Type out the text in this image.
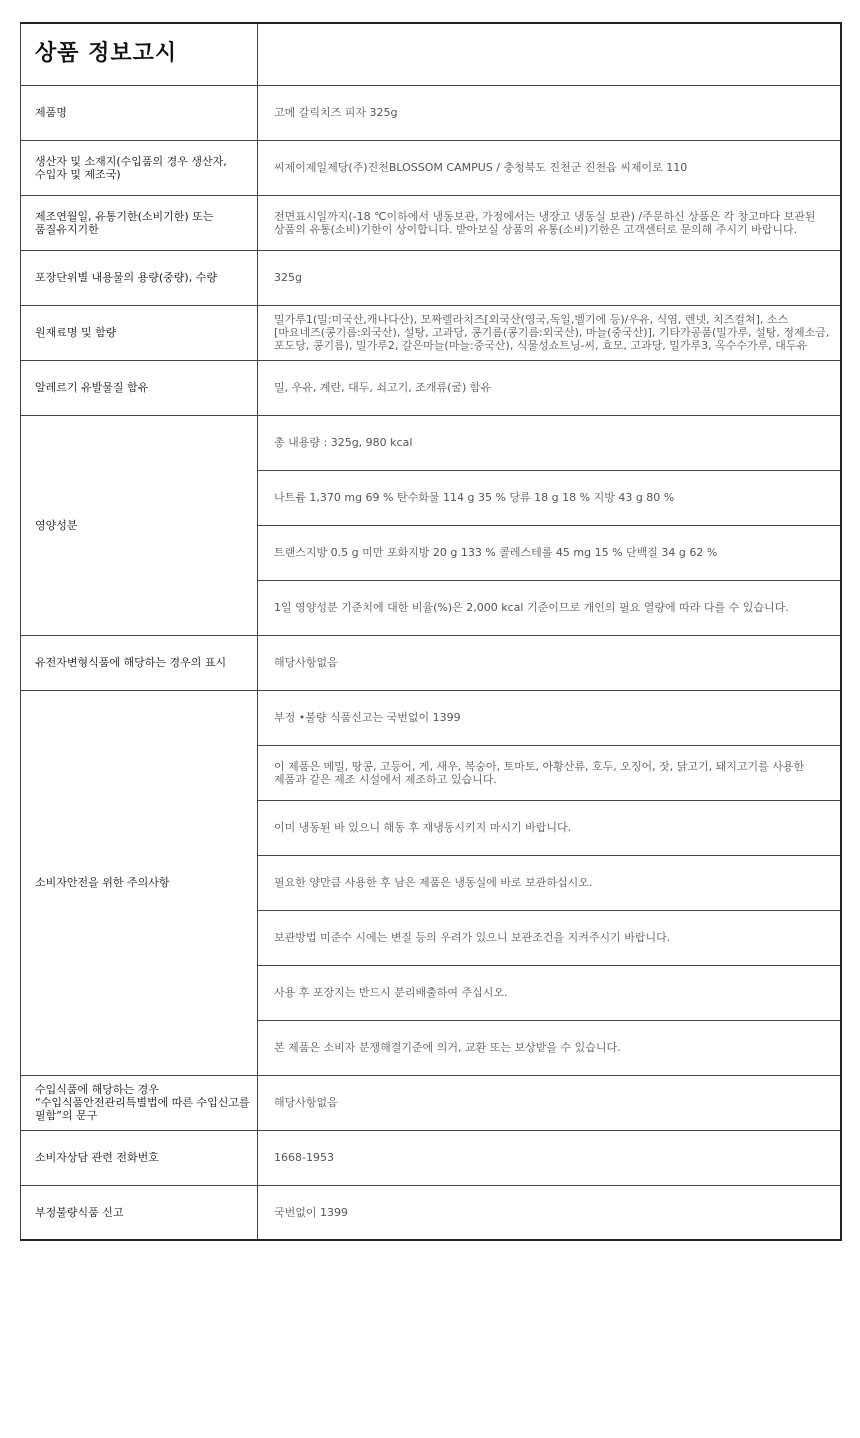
상품 정보고시	
제품명	고메 갈릭치즈 피자 325g
생산자 및 소재지(수입품의 경우 생산자, 수입자 및 제조국)	씨제이제일제당(주)진천BLOSSOM CAMPUS / 충청북도 진천군 진천읍 씨제이로 110
제조연월일, 유통기한(소비기한) 또는 품질유지기한	전면표시일까지(-18 ℃이하에서 냉동보관, 가정에서는 냉장고 냉동실 보관) /주문하신 상품은 각 창고마다 보관된 상품의 유통(소비)기한이 상이합니다. 받아보실 상품의 유통(소비)기한은 고객센터로 문의해 주시기 바랍니다.
포장단위별 내용물의 용량(중량), 수량	325g
원재료명 및 함량	밀가루1(밀:미국산,캐나다산), 모짜렐라치즈[외국산(영국,독일,벨기에 등)/우유, 식염, 렌넷, 치즈컬쳐], 소스[마요네즈(콩기름:외국산), 설탕, 고과당, 콩기름(콩기름:외국산), 마늘(중국산)], 기타가공품(밀가루, 설탕, 정제소금, 포도당, 콩기름), 밀가루2, 갈은마늘(마늘:중국산), 식물성쇼트닝-씨, 효모, 고과당, 밀가루3, 옥수수가루, 대두유
알레르기 유발물질 함유	밀, 우유, 계란, 대두, 쇠고기, 조개류(굴) 함유
영양성분	총 내용량 : 325g, 980 kcal
	나트륨 1,370 mg 69 % 탄수화물 114 g 35 % 당류 18 g 18 % 지방 43 g 80 %
	트랜스지방 0.5 g 미만 포화지방 20 g 133 % 콜레스테롤 45 mg 15 % 단백질 34 g 62 %
	1일 영양성분 기준치에 대한 비율(%)은 2,000 kcal 기준이므로 개인의 필요 열량에 따라 다를 수 있습니다.
유전자변형식품에 해당하는 경우의 표시	해당사항없음
소비자안전을 위한 주의사항	부정 •불량 식품신고는 국번없이 1399
	이 제품은 메밀, 땅콩, 고등어, 게, 새우, 복숭아, 토마토, 아황산류, 호두, 오징어, 잣, 닭고기, 돼지고기를 사용한 제품과 같은 제조 시설에서 제조하고 있습니다.
	이미 냉동된 바 있으니 해동 후 재냉동시키지 마시기 바랍니다.
	필요한 양만큼 사용한 후 남은 제품은 냉동실에 바로 보관하십시오.
	보관방법 미준수 시에는 변질 등의 우려가 있으니 보관조건을 지켜주시기 바랍니다.
	사용 후 포장지는 반드시 분리배출하여 주십시오.
	본 제품은 소비자 분쟁해결기준에 의거, 교환 또는 보상받을 수 있습니다.
수입식품에 해당하는 경우 “수입식품안전관리특별법에 따른 수입신고를 필함”의 문구	해당사항없음
소비자상담 관련 전화번호	1668-1953
부정불량식품 신고	국번없이 1399
